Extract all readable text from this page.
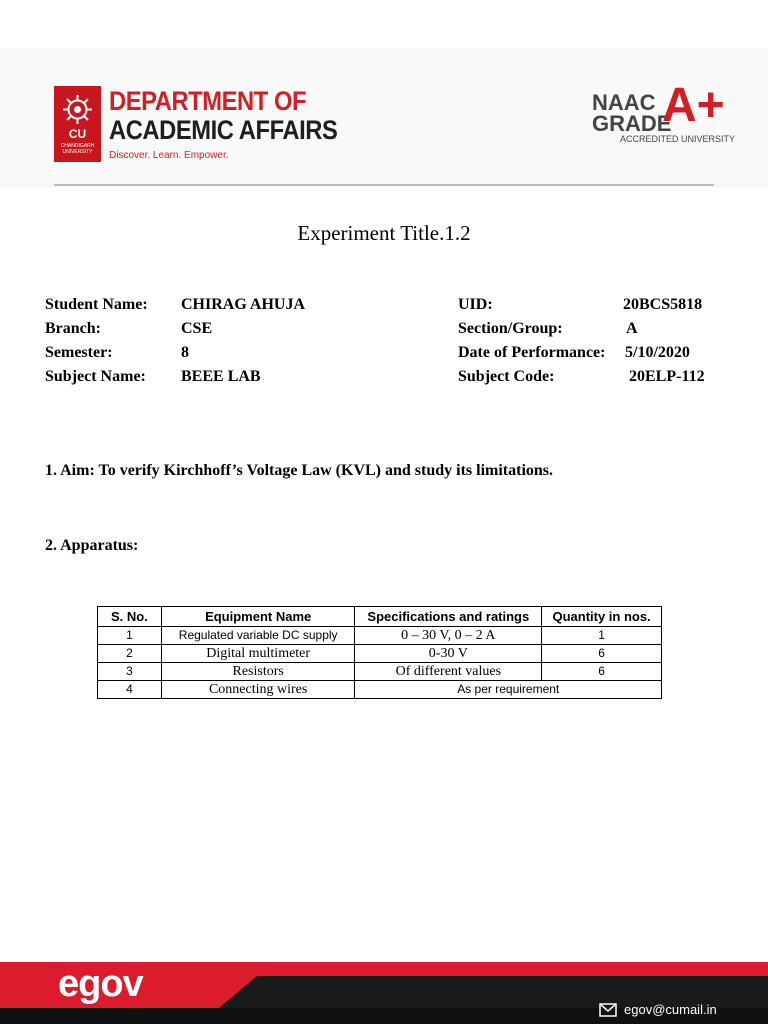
CU
CHANDIGARH UNIVERSITY
DEPARTMENT OF
ACADEMIC AFFAIRS
Discover. Learn. Empower.
NAAC
GRADE
A+
ACCREDITED UNIVERSITY
Experiment Title.1.2
Student Name: CHIRAG AHUJA	UID:	20BCS5818
Branch:	CSE	Section/Group:	A
Semester:	8	Date of Performance: 5/10/2020
Subject Name: BEEE LAB	Subject Code:	20ELP-112
1. Aim: To verify Kirchhoff’s Voltage Law (KVL) and study its limitations.
2. Apparatus:
S. No.	Equipment Name	Specifications and ratings	Quantity in nos.
1	Regulated variable DC supply	0 – 30 V, 0 – 2 A	1
2	Digital multimeter	0-30 V	6
3	Resistors	Of different values	6
4	Connecting wires	As per requirement	
egov
egov@cumail.in
